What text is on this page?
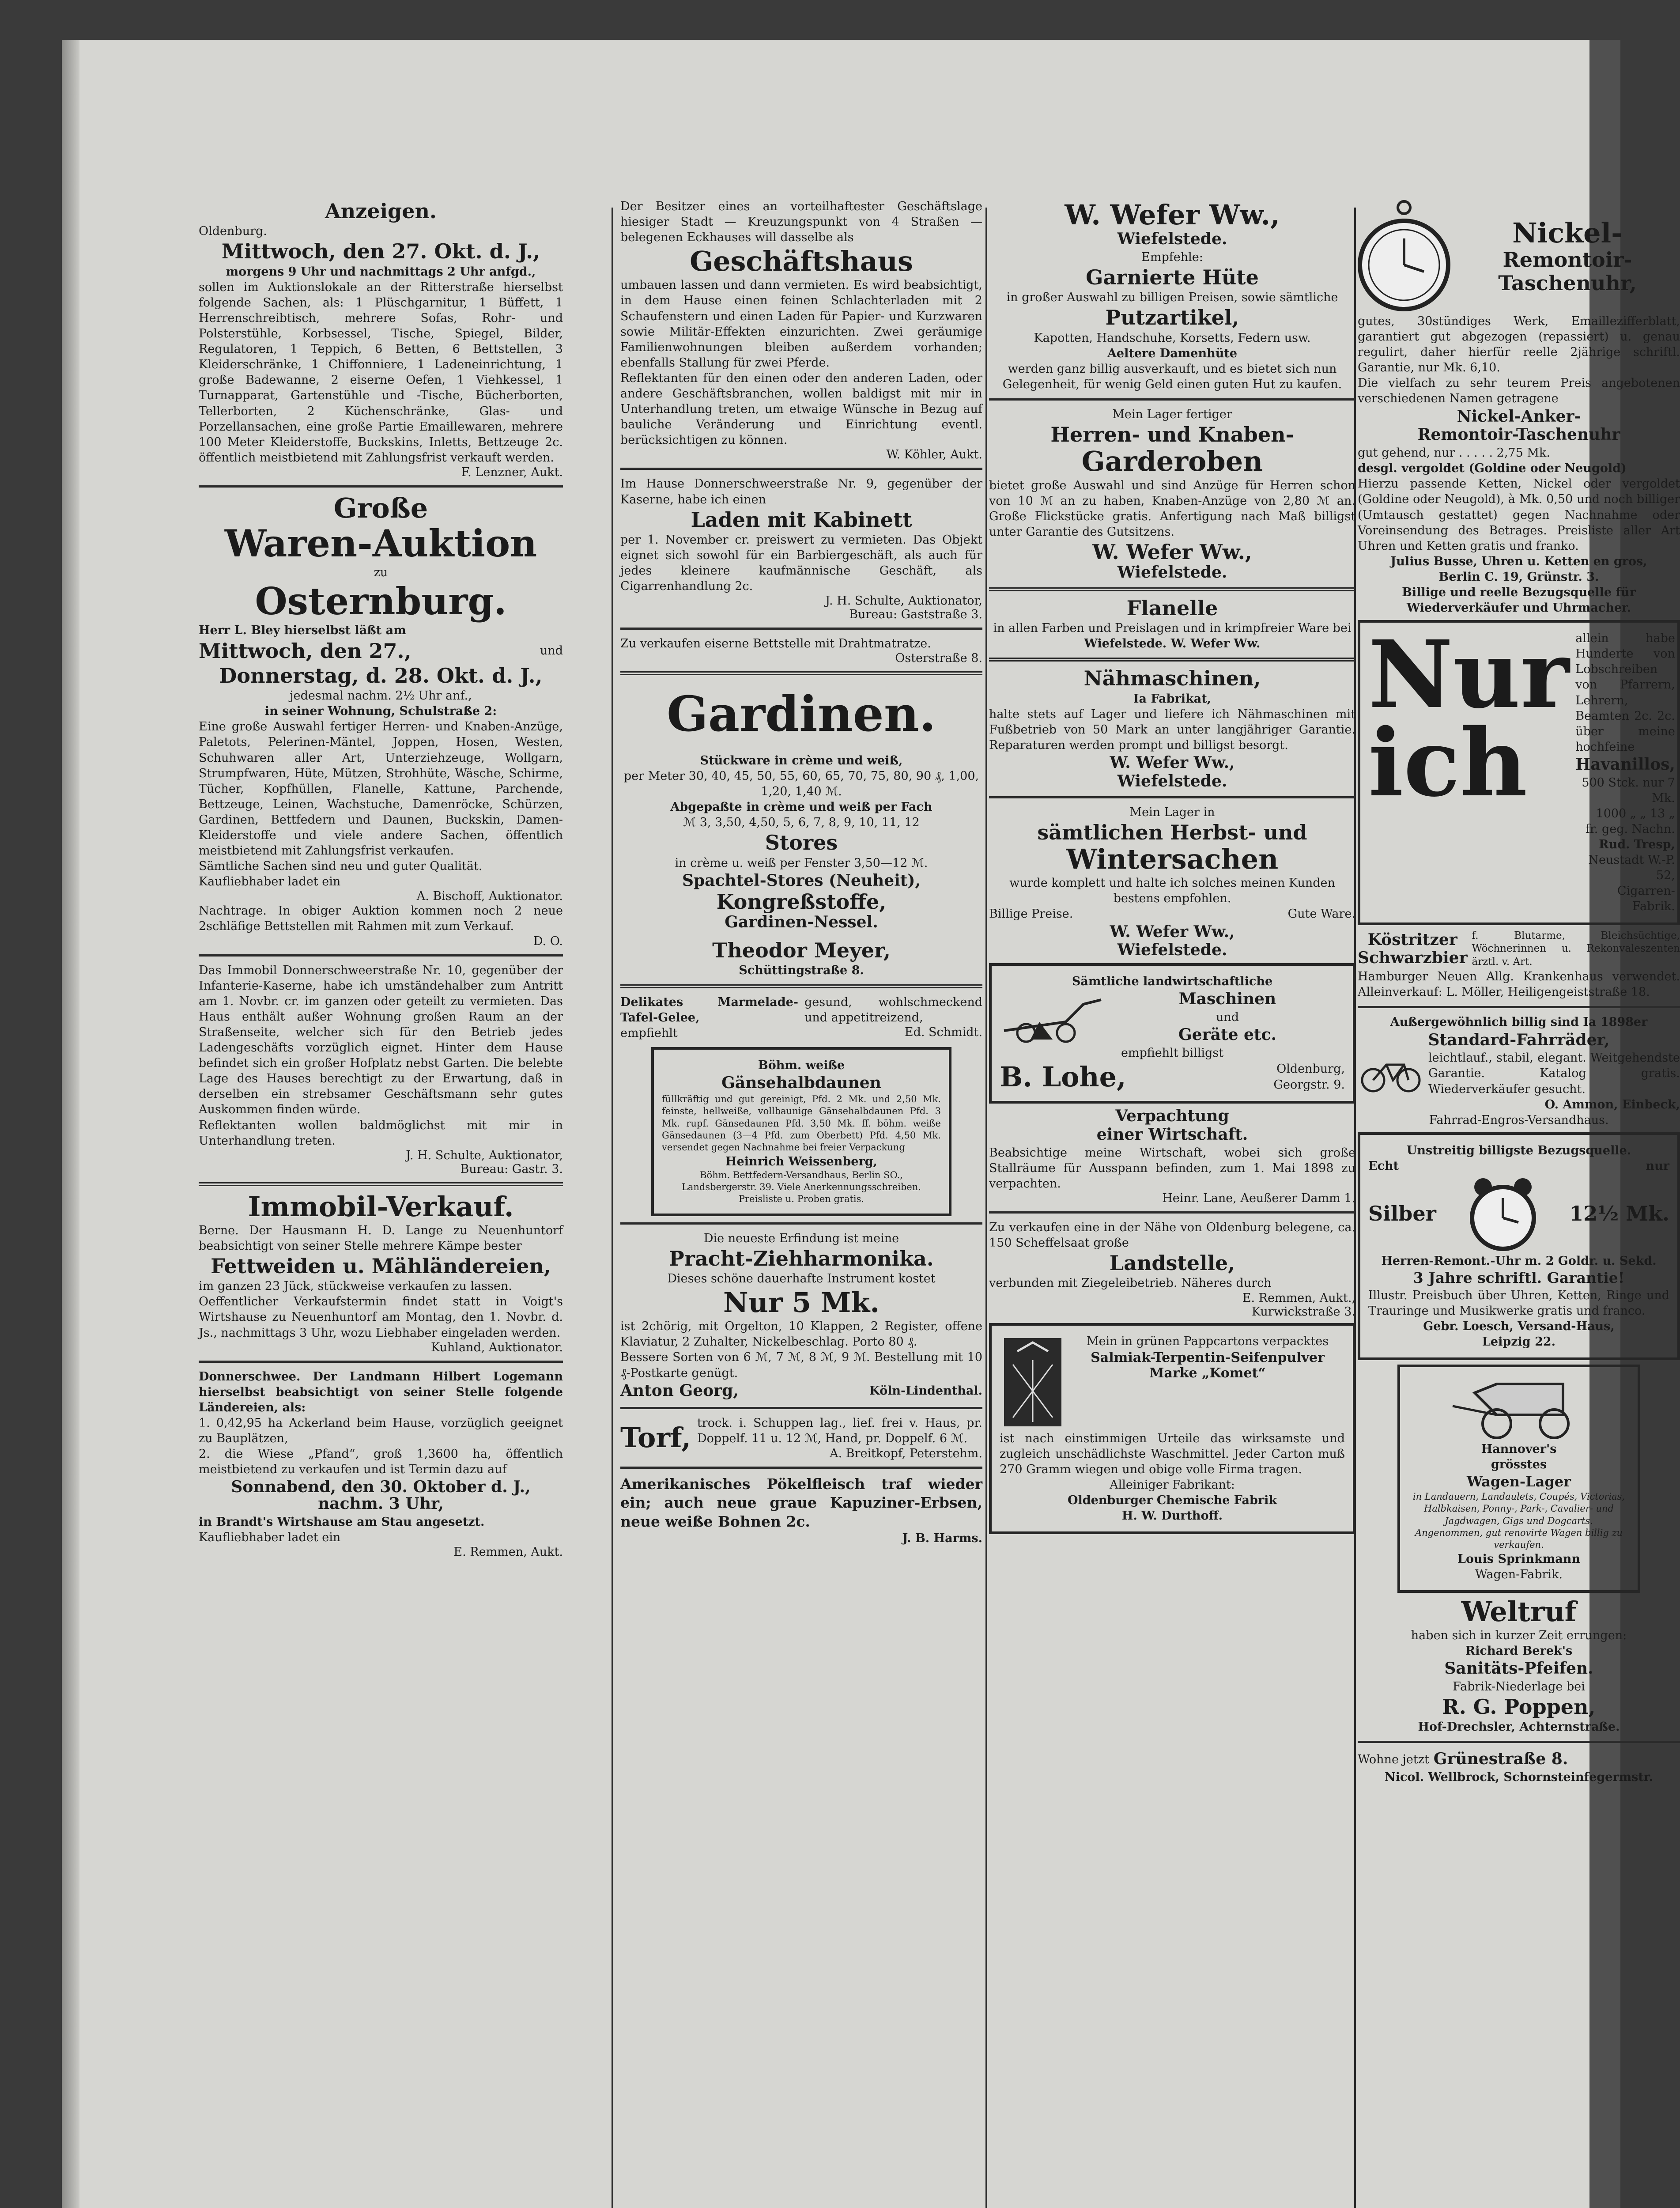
Anzeigen.

Oldenburg.

Mittwoch, den 27. Okt. d. J.,

morgens 9 Uhr und nachmittags 2 Uhr anfgd.,

sollen im Auktionslokale an der Ritterstraße hierselbst folgende Sachen, als: 1 Plüschgarnitur, 1 Büffett, 1 Herrenschreibtisch, mehrere Sofas, Rohr- und Polsterstühle, Korbsessel, Tische, Spiegel, Bilder, Regulatoren, 1 Teppich, 6 Betten, 6 Bettstellen, 3 Kleiderschränke, 1 Chiffonniere, 1 Ladeneinrichtung, 1 große Badewanne, 2 eiserne Oefen, 1 Viehkessel, 1 Turnapparat, Gartenstühle und -Tische, Bücherborten, Tellerborten, 2 Küchenschränke, Glas- und Porzellansachen, eine große Partie Emaillewaren, mehrere 100 Meter Kleiderstoffe, Buckskins, Inletts, Bettzeuge 2c. öffentlich meistbietend mit Zahlungsfrist verkauft werden.

F. Lenzner, Aukt.

Große
Waren-Auktion

zu

Osternburg.

Herr L. Bley hierselbst läßt am

Mittwoch, den 27.,	und
Donnerstag, d. 28. Okt. d. J.,

jedesmal nachm. 2½ Uhr anf.,

in seiner Wohnung, Schulstraße 2:

Eine große Auswahl fertiger Herren- und Knaben-Anzüge, Paletots, Pelerinen-Mäntel, Joppen, Hosen, Westen, Schuhwaren aller Art, Unterziehzeuge, Wollgarn, Strumpfwaren, Hüte, Mützen, Strohhüte, Wäsche, Schirme, Tücher, Kopfhüllen, Flanelle, Kattune, Parchende, Bettzeuge, Leinen, Wachstuche, Damenröcke, Schürzen, Gardinen, Bettfedern und Daunen, Buckskin, Damen-Kleiderstoffe und viele andere Sachen, öffentlich meistbietend mit Zahlungsfrist verkaufen.

Sämtliche Sachen sind neu und guter Qualität.

Kaufliebhaber ladet ein

A. Bischoff, Auktionator.

Nachtrage. In obiger Auktion kommen noch 2 neue 2schläfige Bettstellen mit Rahmen mit zum Verkauf.

D. O.

Das Immobil Donnerschweerstraße Nr. 10, gegenüber der Infanterie-Kaserne, habe ich umständehalber zum Antritt am 1. Novbr. cr. im ganzen oder geteilt zu vermieten. Das Haus enthält außer Wohnung großen Raum an der Straßenseite, welcher sich für den Betrieb jedes Ladengeschäfts vorzüglich eignet. Hinter dem Hause befindet sich ein großer Hofplatz nebst Garten. Die belebte Lage des Hauses berechtigt zu der Erwartung, daß in derselben ein strebsamer Geschäftsmann sehr gutes Auskommen finden würde.

Reflektanten wollen baldmöglichst mit mir in Unterhandlung treten.

J. H. Schulte, Auktionator,

Bureau: Gastr. 3.

Immobil-Verkauf.

Berne. Der Hausmann H. D. Lange zu Neuenhuntorf beabsichtigt von seiner Stelle mehrere Kämpe bester

Fettweiden u. Mähländereien,

im ganzen 23 Jück, stückweise verkaufen zu lassen.

Oeffentlicher Verkaufstermin findet statt in Voigt's Wirtshause zu Neuenhuntorf am Montag, den 1. Novbr. d. Js., nachmittags 3 Uhr, wozu Liebhaber eingeladen werden.

Kuhland, Auktionator.

Donnerschwee. Der Landmann Hilbert Logemann hierselbst beabsichtigt von seiner Stelle folgende Ländereien, als:

1. 0,42,95 ha Ackerland beim Hause, vorzüglich geeignet zu Bauplätzen,

2. die Wiese „Pfand“, groß 1,3600 ha, öffentlich meistbietend zu verkaufen und ist Termin dazu auf

Sonnabend, den 30. Oktober d. J., nachm. 3 Uhr,

in Brandt's Wirtshause am Stau angesetzt.

Kaufliebhaber ladet ein

E. Remmen, Aukt.

Der Besitzer eines an vorteilhaftester Geschäftslage hiesiger Stadt — Kreuzungspunkt von 4 Straßen — belegenen Eckhauses will dasselbe als

Geschäftshaus

umbauen lassen und dann vermieten. Es wird beabsichtigt, in dem Hause einen feinen Schlachterladen mit 2 Schaufenstern und einen Laden für Papier- und Kurzwaren sowie Militär-Effekten einzurichten. Zwei geräumige Familienwohnungen bleiben außerdem vorhanden; ebenfalls Stallung für zwei Pferde.

Reflektanten für den einen oder den anderen Laden, oder andere Geschäftsbranchen, wollen baldigst mit mir in Unterhandlung treten, um etwaige Wünsche in Bezug auf bauliche Veränderung und Einrichtung eventl. berücksichtigen zu können.

W. Köhler, Aukt.

Im Hause Donnerschweerstraße Nr. 9, gegenüber der Kaserne, habe ich einen

Laden mit Kabinett

per 1. November cr. preiswert zu vermieten. Das Objekt eignet sich sowohl für ein Barbiergeschäft, als auch für jedes kleinere kaufmännische Geschäft, als Cigarrenhandlung 2c.

J. H. Schulte, Auktionator,

Bureau: Gaststraße 3.

Zu verkaufen eiserne Bettstelle mit Drahtmatratze.

Osterstraße 8.

Gardinen.

Stückware in crème und weiß,

per Meter 30, 40, 45, 50, 55, 60, 65, 70, 75, 80, 90 ₰, 1,00, 1,20, 1,40 ℳ.

Abgepaßte in crème und weiß per Fach

ℳ 3, 3,50, 4,50, 5, 6, 7, 8, 9, 10, 11, 12

Stores

in crème u. weiß per Fenster 3,50—12 ℳ.

Spachtel-Stores (Neuheit),
Kongreßstoffe,
Gardinen-Nessel.
Theodor Meyer,

Schüttingstraße 8.

Delikates Marmelade-Tafel-Gelee,

empfiehlt

gesund, wohlschmeckend und appetitreizend,

Ed. Schmidt.

Böhm. weiße

Gänsehalbdaunen

füllkräftig und gut gereinigt, Pfd. 2 Mk. und 2,50 Mk. feinste, hellweiße, vollbaunige Gänsehalbdaunen Pfd. 3 Mk. rupf. Gänsedaunen Pfd. 3,50 Mk. ff. böhm. weiße Gänsedaunen (3—4 Pfd. zum Oberbett) Pfd. 4,50 Mk. versendet gegen Nachnahme bei freier Verpackung

Heinrich Weissenberg,

Böhm. Bettfedern-Versandhaus, Berlin SO., Landsbergerstr. 39. Viele Anerkennungsschreiben. Preisliste u. Proben gratis.

Die neueste Erfindung ist meine

Pracht-Ziehharmonika.

Dieses schöne dauerhafte Instrument kostet

Nur 5 Mk.

ist 2chörig, mit Orgelton, 10 Klappen, 2 Register, offene Klaviatur, 2 Zuhalter, Nickelbeschlag. Porto 80 ₰.

Bessere Sorten von 6 ℳ, 7 ℳ, 8 ℳ, 9 ℳ. Bestellung mit 10 ₰-Postkarte genügt.

Anton Georg,	Köln-Lindenthal.
Torf, trock. i. Schuppen lag., lief. frei v. Haus, pr. Doppelf. 11 u. 12 ℳ, Hand, pr. Doppelf. 6 ℳ.

A. Breitkopf, Peterstehm.

Amerikanisches Pökelfleisch traf wieder ein; auch neue graue Kapuziner-Erbsen, neue weiße Bohnen 2c.

J. B. Harms.

W. Wefer Ww.,
Wiefelstede.

Empfehle:

Garnierte Hüte

in großer Auswahl zu billigen Preisen, sowie sämtliche

Putzartikel,

Kapotten, Handschuhe, Korsetts, Federn usw.

Aeltere Damenhüte

werden ganz billig ausverkauft, und es bietet sich nun Gelegenheit, für wenig Geld einen guten Hut zu kaufen.

Mein Lager fertiger

Herren- und Knaben-
Garderoben

bietet große Auswahl und sind Anzüge für Herren schon von 10 ℳ an zu haben, Knaben-Anzüge von 2,80 ℳ an. Große Flickstücke gratis. Anfertigung nach Maß billigst unter Garantie des Gutsitzens.

W. Wefer Ww.,
Wiefelstede.
Flanelle

in allen Farben und Preislagen und in krimpfreier Ware bei

Wiefelstede. W. Wefer Ww.

Nähmaschinen,

Ia Fabrikat,

halte stets auf Lager und liefere ich Nähmaschinen mit Fußbetrieb von 50 Mark an unter langjähriger Garantie. Reparaturen werden prompt und billigst besorgt.

W. Wefer Ww.,
Wiefelstede.

Mein Lager in

sämtlichen Herbst- und
Wintersachen

wurde komplett und halte ich solches meinen Kunden bestens empfohlen.

Billige Preise.	Gute Ware.
W. Wefer Ww.,
Wiefelstede.

Sämtliche landwirtschaftliche

Maschinen

und

Geräte etc.

empfiehlt billigst

B. Lohe,	Oldenburg,

Georgstr. 9.

Verpachtung
einer Wirtschaft.

Beabsichtige meine Wirtschaft, wobei sich große Stallräume für Ausspann befinden, zum 1. Mai 1898 zu verpachten.

Heinr. Lane, Aeußerer Damm 1.

Zu verkaufen eine in der Nähe von Oldenburg belegene, ca. 150 Scheffelsaat große

Landstelle,

verbunden mit Ziegeleibetrieb. Näheres durch

E. Remmen, Aukt.,

Kurwickstraße 3.

Mein in grünen Pappcartons verpacktes

Salmiak-Terpentin-Seifenpulver
Marke „Komet“

ist nach einstimmigen Urteile das wirksamste und zugleich unschädlichste Waschmittel. Jeder Carton muß 270 Gramm wiegen und obige volle Firma tragen.

Alleiniger Fabrikant:

Oldenburger Chemische Fabrik

H. W. Durthoff.

Nickel-
Remontoir-
Taschenuhr,

gutes, 30stündiges Werk, Emaillezifferblatt, garantiert gut abgezogen (repassiert) u. genau regulirt, daher hierfür reelle 2jährige schriftl. Garantie, nur Mk. 6,10.

Die vielfach zu sehr teurem Preis angebotenen verschiedenen Namen getragene

Nickel-Anker-
Remontoir-Taschenuhr

gut gehend, nur . . . . . 2,75 Mk.

desgl. vergoldet (Goldine oder Neugold)

Hierzu passende Ketten, Nickel oder vergoldet (Goldine oder Neugold), à Mk. 0,50 und noch billiger (Umtausch gestattet) gegen Nachnahme oder Voreinsendung des Betrages. Preisliste aller Art Uhren und Ketten gratis und franko.

Julius Busse, Uhren u. Ketten en gros,

Berlin C. 19, Grünstr. 3.

Billige und reelle Bezugsquelle für Wiederverkäufer und Uhrmacher.

Nur
ich

allein habe Hunderte von Lobschreiben von Pfarrern, Lehrern, Beamten 2c. 2c. über meine hochfeine

Havanillos,

500 Stck. nur 7 Mk.

1000 „ „ 13 „

fr. geg. Nachn.

Rud. Tresp,

Neustadt W.-P. 52,

Cigarren-Fabrik.

Köstritzer
Schwarzbier

f. Blutarme, Bleichsüchtige, Wöchnerinnen u. Rekonvaleszenten ärztl. v. Art.

Hamburger Neuen Allg. Krankenhaus verwendet. Alleinverkauf: L. Möller, Heiligengeiststraße 18.

Außergewöhnlich billig sind Ia 1898er

Standard-Fahrräder,

leichtlauf., stabil, elegant. Weitgehendste Garantie. Katalog gratis. Wiederverkäufer gesucht.

O. Ammon, Einbeck,

Fahrrad-Engros-Versandhaus.

Unstreitig billigste Bezugsquelle.

Echt	nur
Silber	12½ Mk.

Herren-Remont.-Uhr m. 2 Goldr. u. Sekd.

3 Jahre schriftl. Garantie!

Illustr. Preisbuch über Uhren, Ketten, Ringe und Trauringe und Musikwerke gratis und franco.

Gebr. Loesch, Versand-Haus,

Leipzig 22.

Hannover's

grösstes

Wagen-Lager

in Landauern, Landaulets, Coupés, Victorias, Halbkaisen, Ponny-, Park-, Cavalier- und Jagdwagen, Gigs und Dogcarts.

Angenommen, gut renovirte Wagen billig zu verkaufen.

Louis Sprinkmann

Wagen-Fabrik.

Weltruf

haben sich in kurzer Zeit errungen:

Richard Berek's

Sanitäts-Pfeifen.

Fabrik-Niederlage bei

R. G. Poppen,

Hof-Drechsler, Achternstraße.

Wohne jetzt Grünestraße 8.

Nicol. Wellbrock, Schornsteinfegermstr.
